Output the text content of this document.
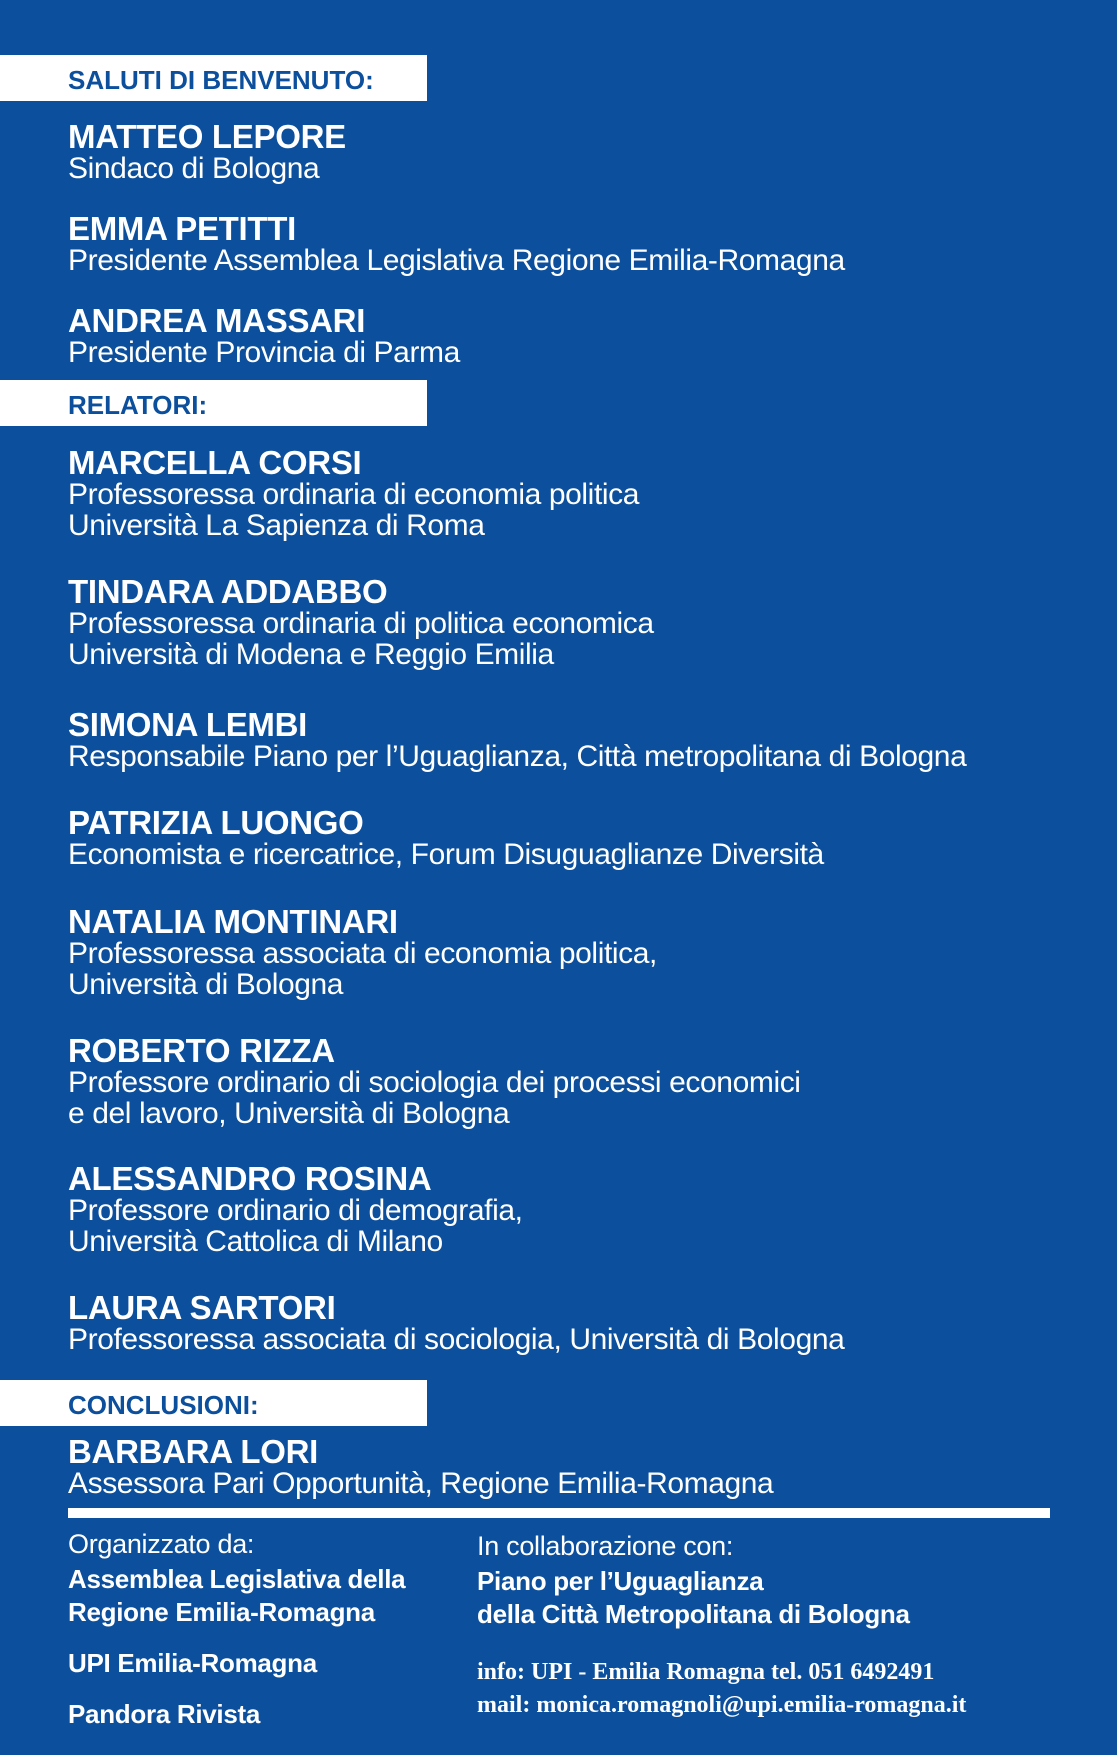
SALUTI DI BENVENUTO:
MATTEO LEPORE
Sindaco di Bologna
EMMA PETITTI
Presidente Assemblea Legislativa Regione Emilia-Romagna
ANDREA MASSARI
Presidente Provincia di Parma
RELATORI:
MARCELLA CORSI
Professoressa ordinaria di economia politica
Università La Sapienza di Roma
TINDARA ADDABBO
Professoressa ordinaria di politica economica
Università di Modena e Reggio Emilia
SIMONA LEMBI
Responsabile Piano per l’Uguaglianza, Città metropolitana di Bologna
PATRIZIA LUONGO
Economista e ricercatrice, Forum Disuguaglianze Diversità
NATALIA MONTINARI
Professoressa associata di economia politica,
Università di Bologna
ROBERTO RIZZA
Professore ordinario di sociologia dei processi economici
e del lavoro, Università di Bologna
ALESSANDRO ROSINA
Professore ordinario di demografia,
Università Cattolica di Milano
LAURA SARTORI
Professoressa associata di sociologia, Università di Bologna
CONCLUSIONI:
BARBARA LORI
Assessora Pari Opportunità, Regione Emilia-Romagna
Organizzato da:
Assemblea Legislativa della
Regione Emilia-Romagna
UPI Emilia-Romagna
Pandora Rivista
In collaborazione con:
Piano per l’Uguaglianza
della Città Metropolitana di Bologna
info: UPI - Emilia Romagna tel. 051 6492491
mail: monica.romagnoli@upi.emilia-romagna.it
